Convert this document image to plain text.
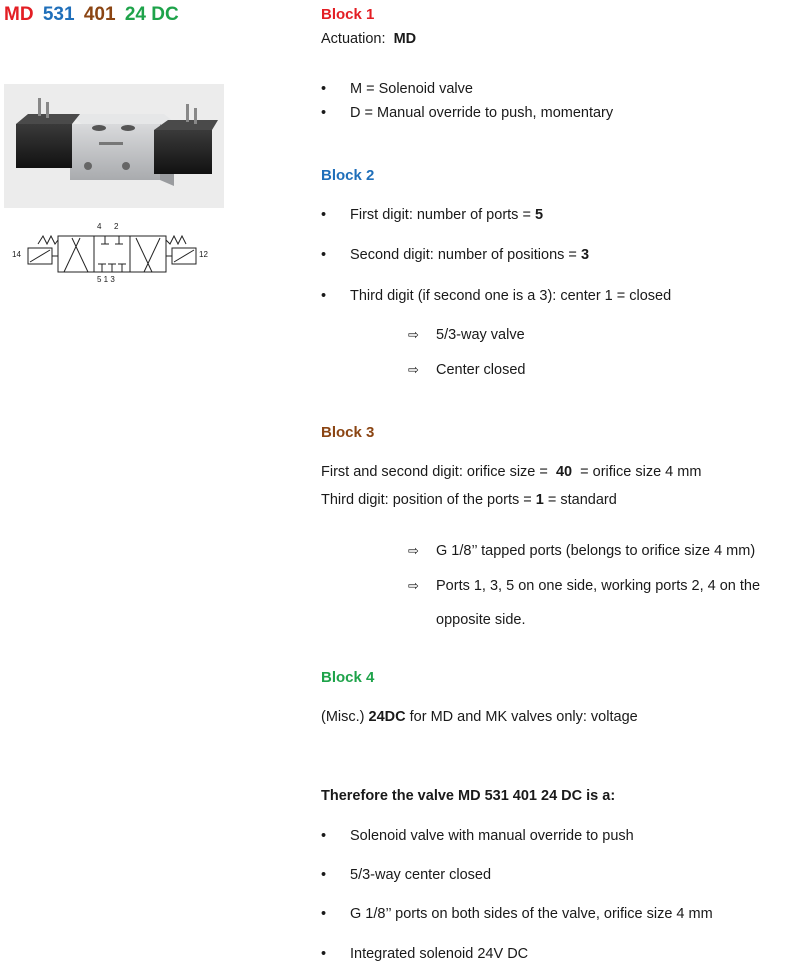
MD 531 401 24 DC
14	12
4 2
5 1 3
Block 1
Actuation: MD
• M = Solenoid valve
• D = Manual override to push, momentary
Block 2
• First digit: number of ports = 5
• Second digit: number of positions = 3
• Third digit (if second one is a 3): center 1 = closed
⇨ 5/3-way valve
⇨ Center closed
Block 3
First and second digit: orifice size =  40  = orifice size 4 mm
Third digit: position of the ports = 1 = standard
⇨ G 1/8’’ tapped ports (belongs to orifice size 4 mm)
⇨ Ports 1, 3, 5 on one side, working ports 2, 4 on the
opposite side.
Block 4
(Misc.) 24DC for MD and MK valves only: voltage
Therefore the valve MD 531 401 24 DC is a:
• Solenoid valve with manual override to push
• 5/3-way center closed
• G 1/8’’ ports on both sides of the valve, orifice size 4 mm
• Integrated solenoid 24V DC
